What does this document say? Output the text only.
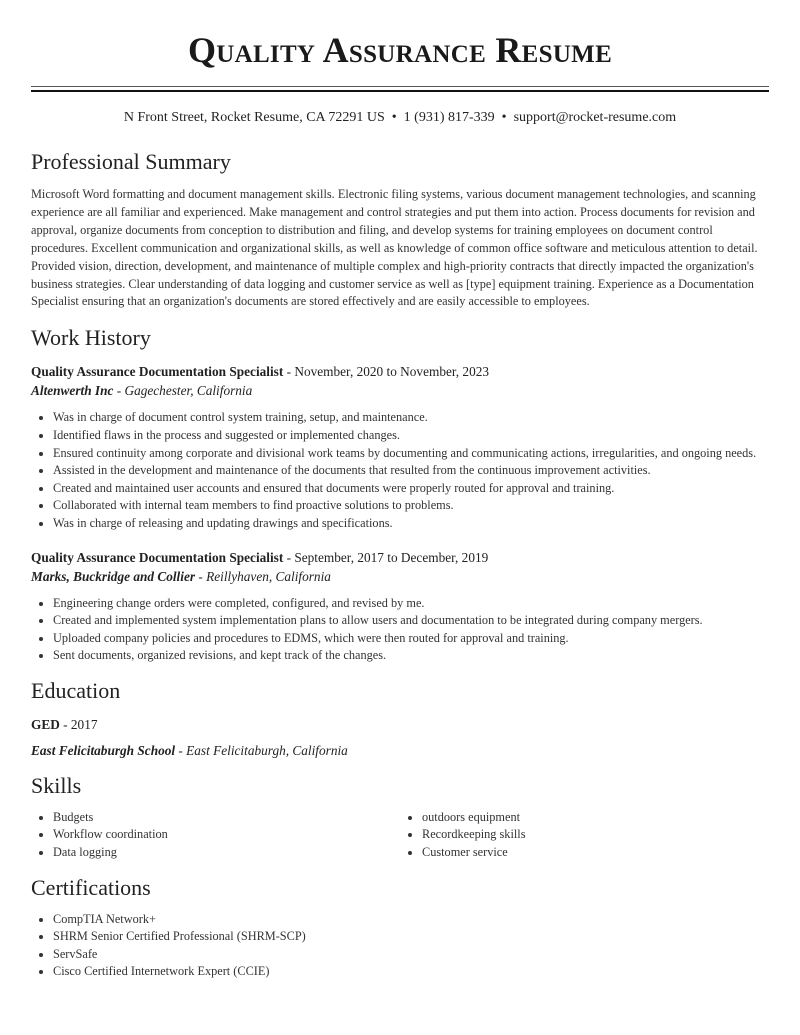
Quality Assurance Resume
N Front Street, Rocket Resume, CA 72291 US • 1 (931) 817-339 • support@rocket-resume.com
Professional Summary

Microsoft Word formatting and document management skills. Electronic filing systems, various document management technologies, and scanning experience are all familiar and experienced. Make management and control strategies and put them into action. Process documents for revision and approval, organize documents from conception to distribution and filing, and develop systems for training employees on document control procedures. Excellent communication and organizational skills, as well as knowledge of common office software and meticulous attention to detail. Provided vision, direction, development, and maintenance of multiple complex and high-priority contracts that directly impacted the organization's business strategies. Clear understanding of data logging and customer service as well as [type] equipment training. Experience as a Documentation Specialist ensuring that an organization's documents are stored effectively and are easily accessible to employees.

Work History
Quality Assurance Documentation Specialist - November, 2020 to November, 2023
Altenwerth Inc - Gagechester, California
• Was in charge of document control system training, setup, and maintenance.
• Identified flaws in the process and suggested or implemented changes.
• Ensured continuity among corporate and divisional work teams by documenting and communicating actions, irregularities, and ongoing needs.
• Assisted in the development and maintenance of the documents that resulted from the continuous improvement activities.
• Created and maintained user accounts and ensured that documents were properly routed for approval and training.
• Collaborated with internal team members to find proactive solutions to problems.
• Was in charge of releasing and updating drawings and specifications.
Quality Assurance Documentation Specialist - September, 2017 to December, 2019
Marks, Buckridge and Collier - Reillyhaven, California
• Engineering change orders were completed, configured, and revised by me.
• Created and implemented system implementation plans to allow users and documentation to be integrated during company mergers.
• Uploaded company policies and procedures to EDMS, which were then routed for approval and training.
• Sent documents, organized revisions, and kept track of the changes.
Education
GED - 2017
East Felicitaburgh School - East Felicitaburgh, California
Skills
• Budgets
• Workflow coordination
• Data logging
• outdoors equipment
• Recordkeeping skills
• Customer service
Certifications
• CompTIA Network+
• SHRM Senior Certified Professional (SHRM-SCP)
• ServSafe
• Cisco Certified Internetwork Expert (CCIE)
